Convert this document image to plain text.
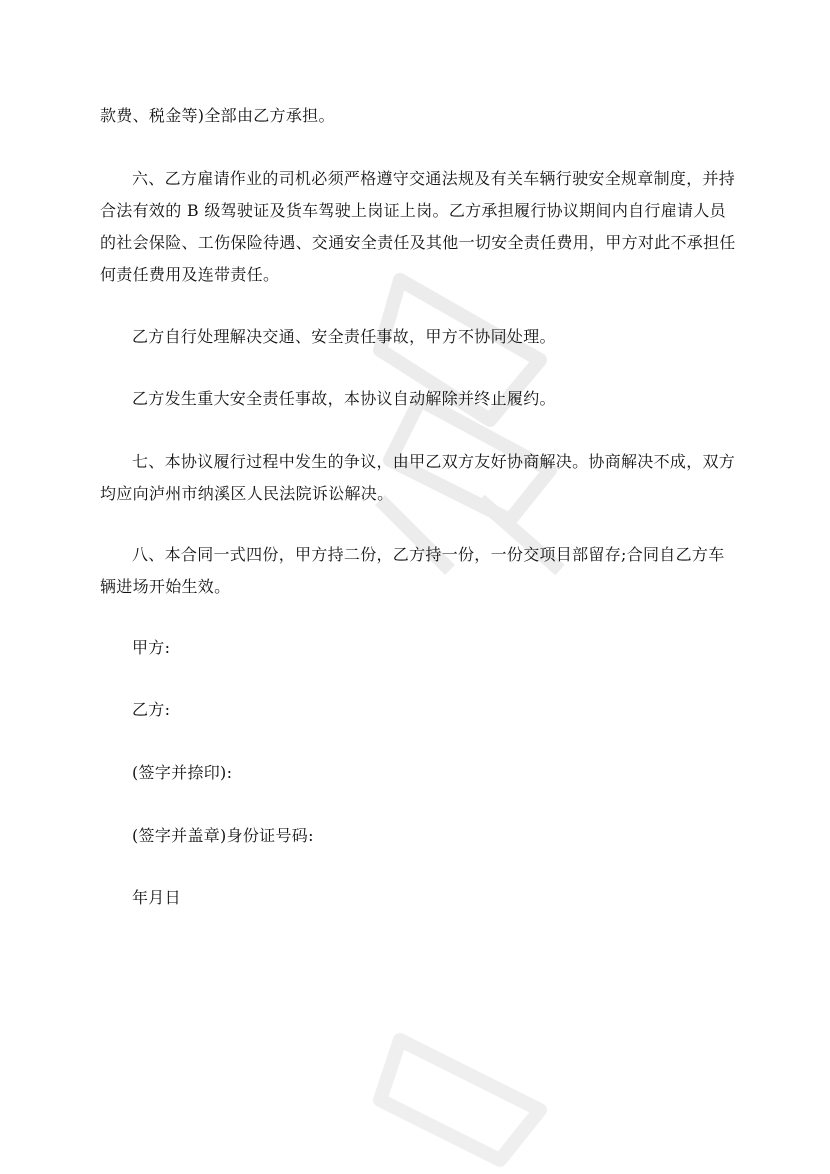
款费、税金等)全部由乙方承担。

六、乙方雇请作业的司机必须严格遵守交通法规及有关车辆行驶安全规章制度，并持合法有效的 B 级驾驶证及货车驾驶上岗证上岗。乙方承担履行协议期间内自行雇请人员的社会保险、工伤保险待遇、交通安全责任及其他一切安全责任费用，甲方对此不承担任何责任费用及连带责任。

乙方自行处理解决交通、安全责任事故，甲方不协同处理。

乙方发生重大安全责任事故，本协议自动解除并终止履约。

七、本协议履行过程中发生的争议，由甲乙双方友好协商解决。协商解决不成，双方均应向泸州市纳溪区人民法院诉讼解决。

八、本合同一式四份，甲方持二份，乙方持一份，一份交项目部留存;合同自乙方车辆进场开始生效。

甲方:

乙方:

(签字并捺印):

(签字并盖章)身份证号码:

年月日
